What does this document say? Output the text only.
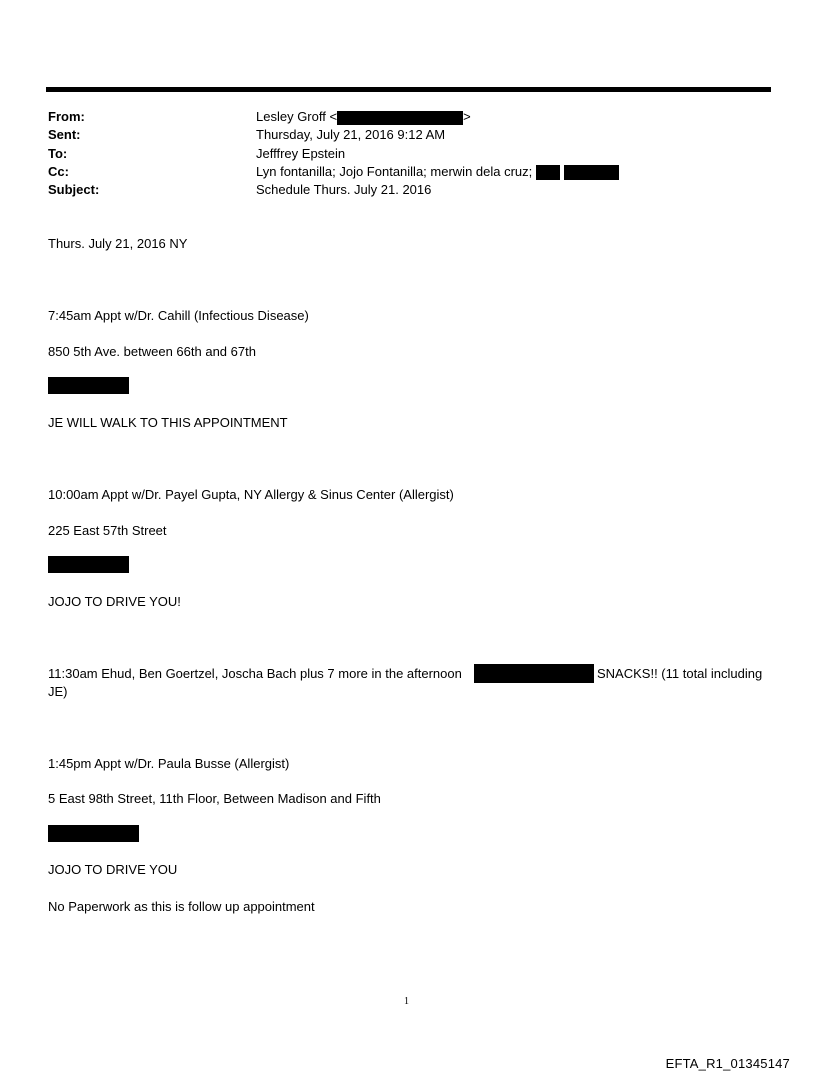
From:	Lesley Groff <	>
Sent:	Thursday, July 21, 2016 9:12 AM
To:	Jefffrey Epstein
Cc:	Lyn fontanilla; Jojo Fontanilla; merwin dela cruz;
Subject:	Schedule Thurs. July 21. 2016
Thurs. July 21, 2016 NY
7:45am Appt w/Dr. Cahill (Infectious Disease)
850 5th Ave. between 66th and 67th
JE WILL WALK TO THIS APPOINTMENT
10:00am Appt w/Dr. Payel Gupta, NY Allergy & Sinus Center (Allergist)
225 East 57th Street
JOJO TO DRIVE YOU!
11:30am Ehud, Ben Goertzel, Joscha Bach plus 7 more in the afternoon	SNACKS!! (11 total including
JE)
1:45pm Appt w/Dr. Paula Busse (Allergist)
5 East 98th Street, 11th Floor, Between Madison and Fifth
JOJO TO DRIVE YOU
No Paperwork as this is follow up appointment
1
EFTA_R1_01345147
